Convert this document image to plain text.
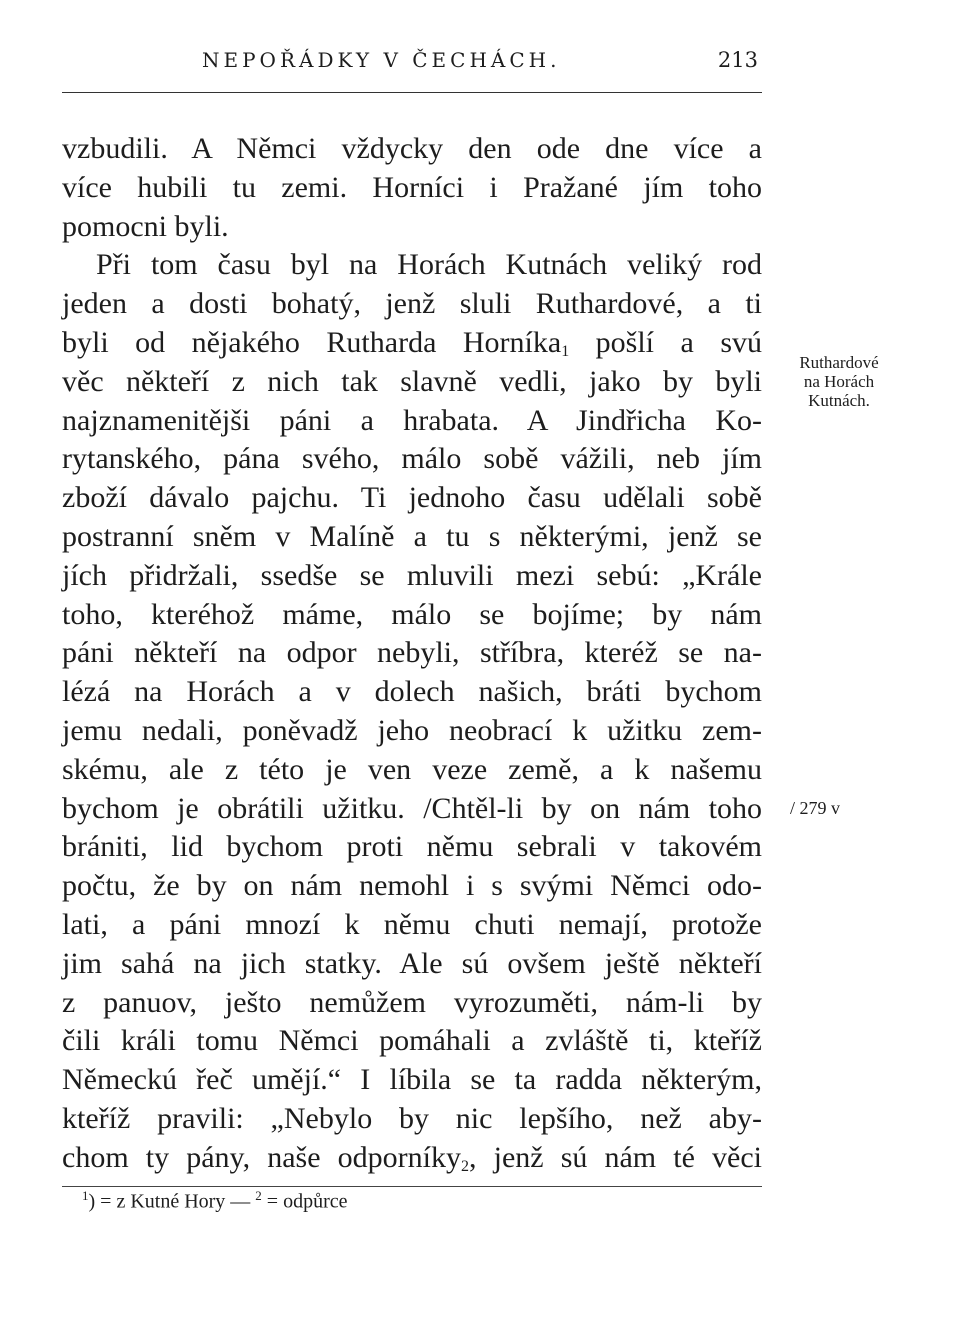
NEPOŘÁDKY V ČECHÁCH.	213
vzbudili. A Němci vždycky den ode dne více a
více hubili tu zemi. Horníci i Pražané jím toho
pomocni byli.
Při tom času byl na Horách Kutnách veliký rod
jeden a dosti bohatý, jenž sluli Ruthardové, a ti
byli od nějakého Rutharda Horníka$_1$ pošlí a svú
věc někteří z nich tak slavně vedli, jako by byli
najznamenitějši páni a hrabata. A Jindřicha Ko-
rytanského, pána svého, málo sobě vážili, neb jím
zboží dávalo pajchu. Ti jednoho času udělali sobě
postranní sněm v Malíně a tu s některými, jenž se
jích přidržali, ssedše se mluvili mezi sebú: „Krále
toho, kteréhož máme, málo se bojíme; by nám
páni někteří na odpor nebyli, stříbra, kteréž se na-
lézá na Horách a v dolech našich, bráti bychom
jemu nedali, poněvadž jeho neobrací k užitku zem-
skému, ale z této je ven veze země, a k našemu
bychom je obrátili užitku. /Chtěl-li by on nám toho
brániti, lid bychom proti němu sebrali v takovém
počtu, že by on nám nemohl i s svými Němci odo-
lati, a páni mnozí k němu chuti nemají, protože
jim sahá na jich statky. Ale sú ovšem ještě někteří
z panuov, ješto nemůžem vyrozuměti, nám-li by
čili králi tomu Němci pomáhali a zvláště ti, kteříž
Německú řeč umějí.“ I líbila se ta radda některým,
kteříž pravili: „Nebylo by nic lepšího, než aby-
chom ty pány, naše odporníky$_2$, jenž sú nám té věci
Ruthardové
na Horách
Kutnách.
/ 279 v
$^1$) = z Kutné Hory — $^2$ = odpůrce
